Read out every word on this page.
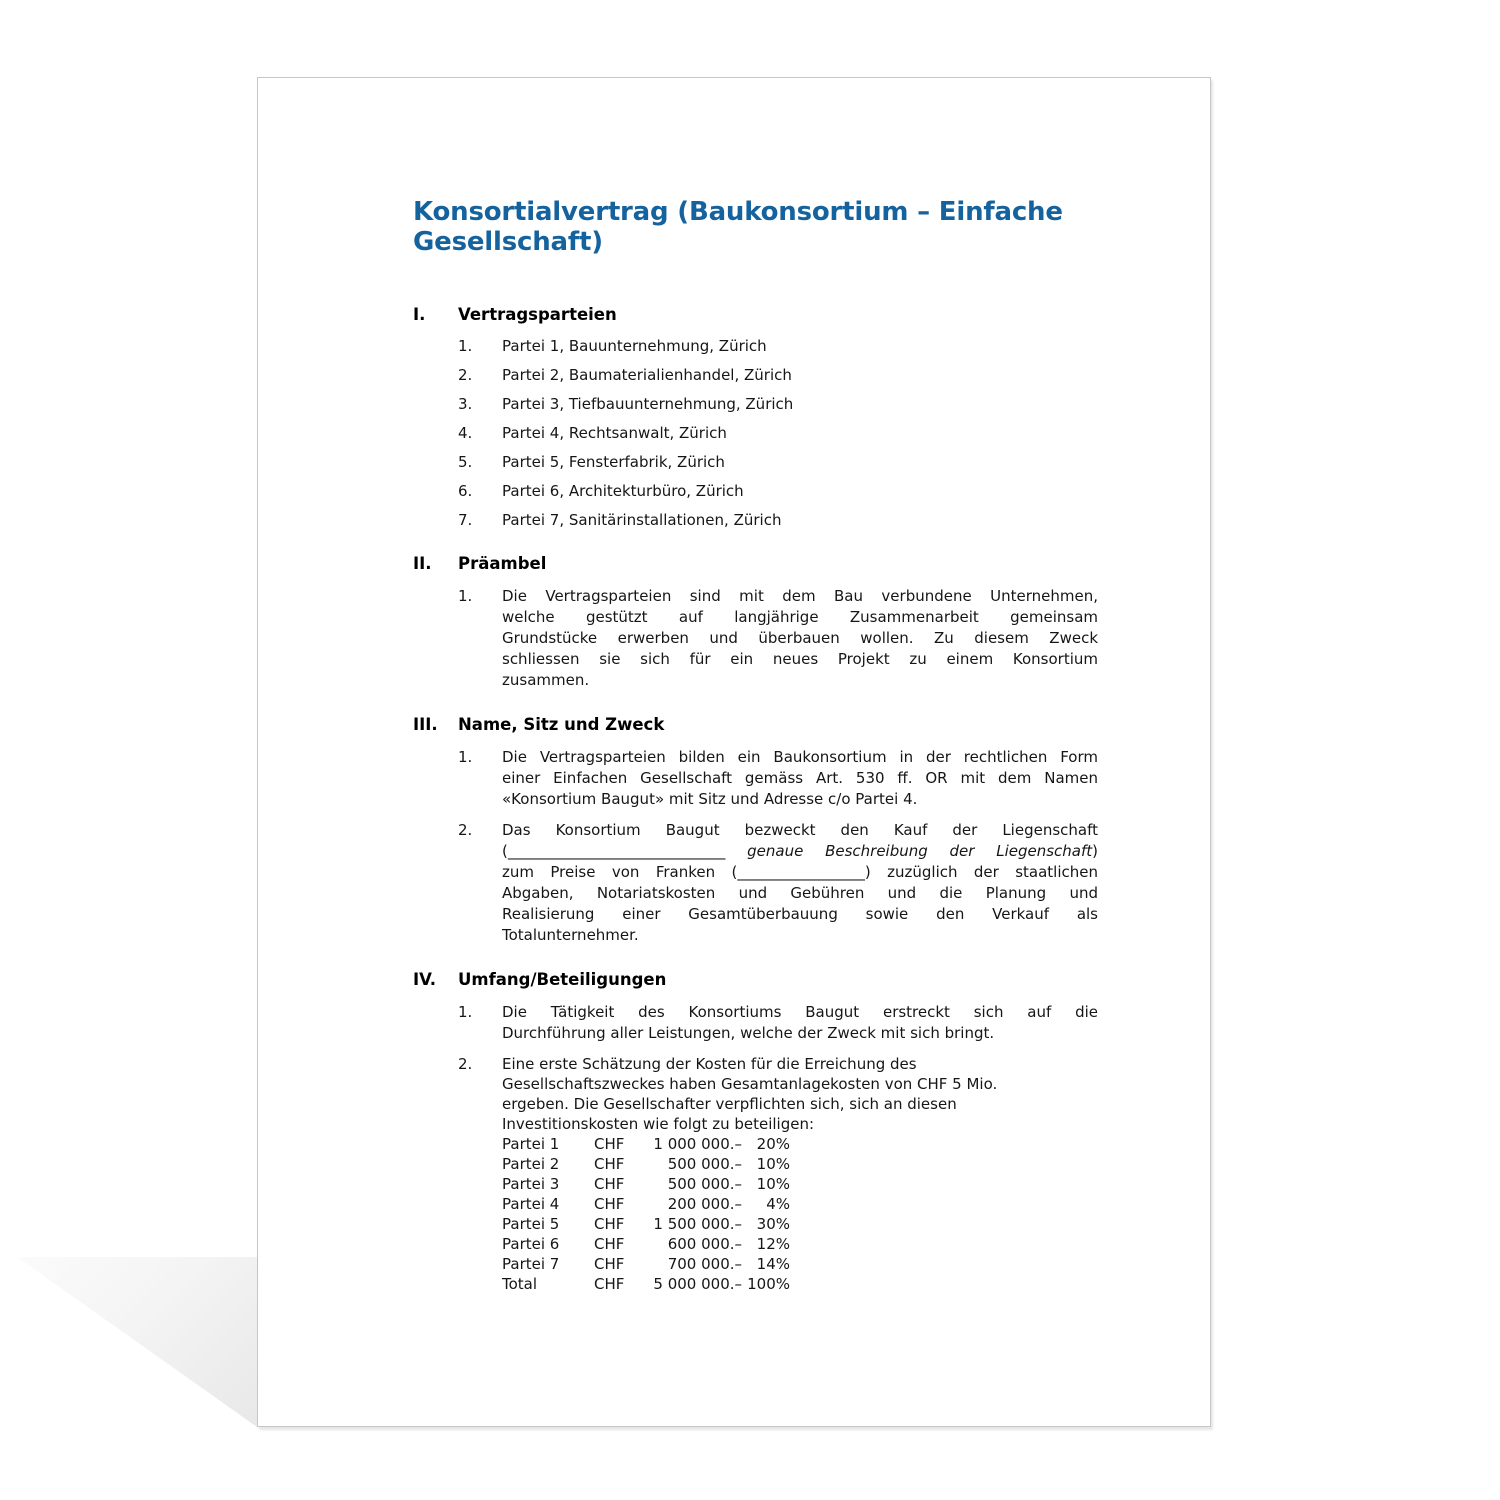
Konsortialvertrag (Baukonsortium – Einfache Gesellschaft)
I.	Vertragsparteien
1.	Partei 1, Bauunternehmung, Zürich
2.	Partei 2, Baumaterialienhandel, Zürich
3.	Partei 3, Tiefbauunternehmung, Zürich
4.	Partei 4, Rechtsanwalt, Zürich
5.	Partei 5, Fensterfabrik, Zürich
6.	Partei 6, Architekturbüro, Zürich
7.	Partei 7, Sanitärinstallationen, Zürich
II.	Präambel
1.	Die Vertragsparteien sind mit dem Bau verbundene Unternehmen,
welche gestützt auf langjährige Zusammenarbeit gemeinsam
Grundstücke erwerben und überbauen wollen. Zu diesem Zweck
schliessen sie sich für ein neues Projekt zu einem Konsortium
zusammen.
III.	Name, Sitz und Zweck
1.	Die Vertragsparteien bilden ein Baukonsortium in der rechtlichen Form
einer Einfachen Gesellschaft gemäss Art. 530 ff. OR mit dem Namen
«Konsortium Baugut» mit Sitz und Adresse c/o Partei 4.
2.	Das Konsortium Baugut bezweckt den Kauf der Liegenschaft
(_____________________________ genaue Beschreibung der Liegenschaft)
zum Preise von Franken (_________________) zuzüglich der staatlichen
Abgaben, Notariatskosten und Gebühren und die Planung und
Realisierung einer Gesamtüberbauung sowie den Verkauf als
Totalunternehmer.
IV.	Umfang/Beteiligungen
1.	Die Tätigkeit des Konsortiums Baugut erstreckt sich auf die
Durchführung aller Leistungen, welche der Zweck mit sich bringt.
2.	Eine erste Schätzung der Kosten für die Erreichung des
Gesellschaftszweckes haben Gesamtanlagekosten von CHF 5 Mio.
ergeben. Die Gesellschafter verpflichten sich, sich an diesen
Investitionskosten wie folgt zu beteiligen:
Partei 1	CHF	1 000 000.– 20%
Partei 2	CHF	500 000.– 10%
Partei 3	CHF	500 000.– 10%
Partei 4	CHF	200 000.–	4%
Partei 5	CHF	1 500 000.– 30%
Partei 6	CHF	600 000.– 12%
Partei 7	CHF	700 000.– 14%
Total	CHF	5 000 000.– 100%
